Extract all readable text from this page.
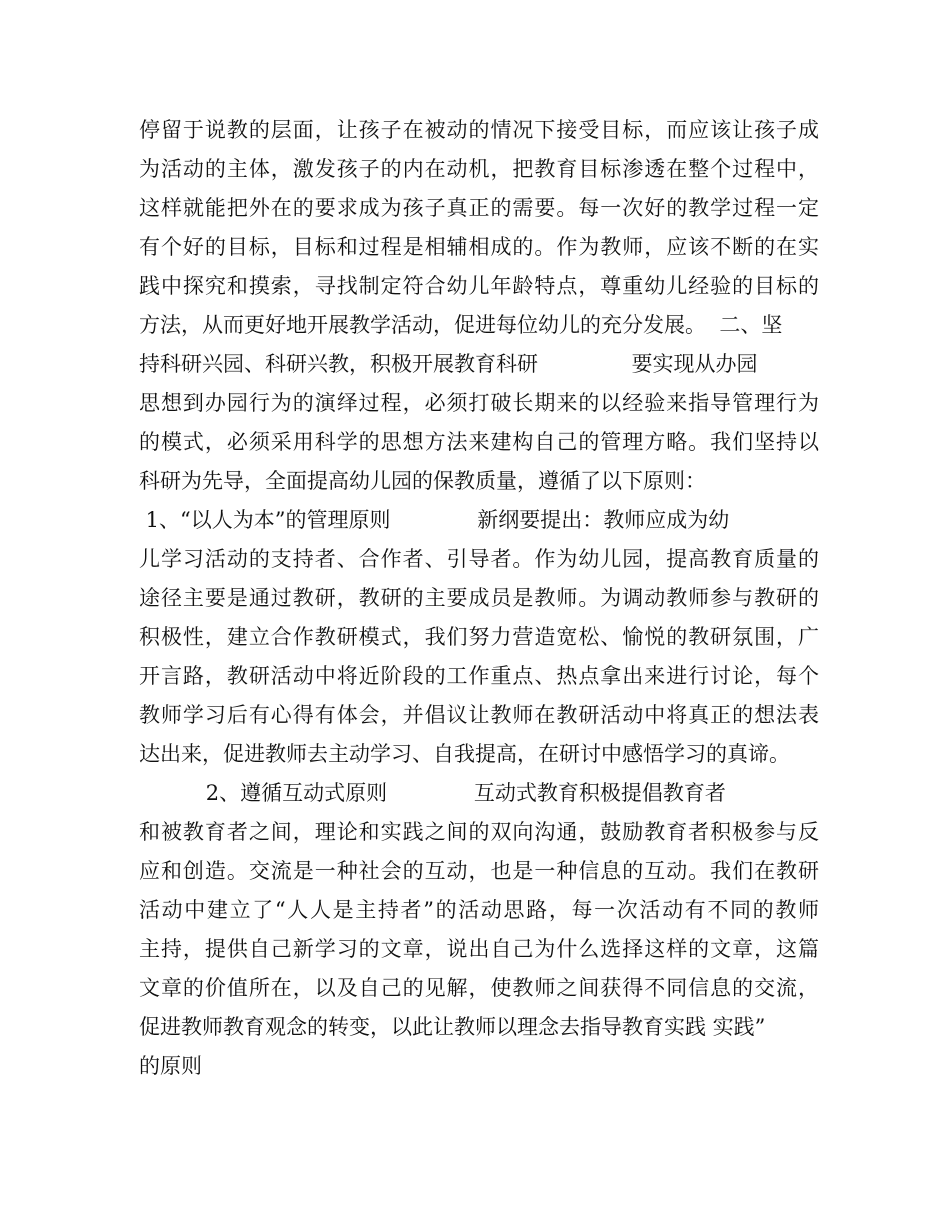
停留于说教的层面，让孩子在被动的情况下接受目标，而应该让孩子成
为活动的主体，激发孩子的内在动机，把教育目标渗透在整个过程中，
这样就能把外在的要求成为孩子真正的需要。每一次好的教学过程一定
有个好的目标，目标和过程是相辅相成的。作为教师，应该不断的在实
践中探究和摸索，寻找制定符合幼儿年龄特点，尊重幼儿经验的目标的
方法，从而更好地开展教学活动，促进每位幼儿的充分发展。  二、坚
持科研兴园、科研兴教，积极开展教育科研              要实现从办园
思想到办园行为的演绎过程，必须打破长期来的以经验来指导管理行为
的模式，必须采用科学的思想方法来建构自己的管理方略。我们坚持以
科研为先导，全面提高幼儿园的保教质量，遵循了以下原则：
1、“以人为本”的管理原则             新纲要提出：教师应成为幼
儿学习活动的支持者、合作者、引导者。作为幼儿园，提高教育质量的
途径主要是通过教研，教研的主要成员是教师。为调动教师参与教研的
积极性，建立合作教研模式，我们努力营造宽松、愉悦的教研氛围，广
开言路，教研活动中将近阶段的工作重点、热点拿出来进行讨论，每个
教师学习后有心得有体会，并倡议让教师在教研活动中将真正的想法表
达出来，促进教师去主动学习、自我提高，在研讨中感悟学习的真谛。
2、遵循互动式原则             互动式教育积极提倡教育者
和被教育者之间，理论和实践之间的双向沟通，鼓励教育者积极参与反
应和创造。交流是一种社会的互动，也是一种信息的互动。我们在教研
活动中建立了“人人是主持者”的活动思路，每一次活动有不同的教师
主持，提供自己新学习的文章，说出自己为什么选择这样的文章，这篇
文章的价值所在，以及自己的见解，使教师之间获得不同信息的交流，
促进教师教育观念的转变，以此让教师以理念去指导教育实践 实践”
的原则
